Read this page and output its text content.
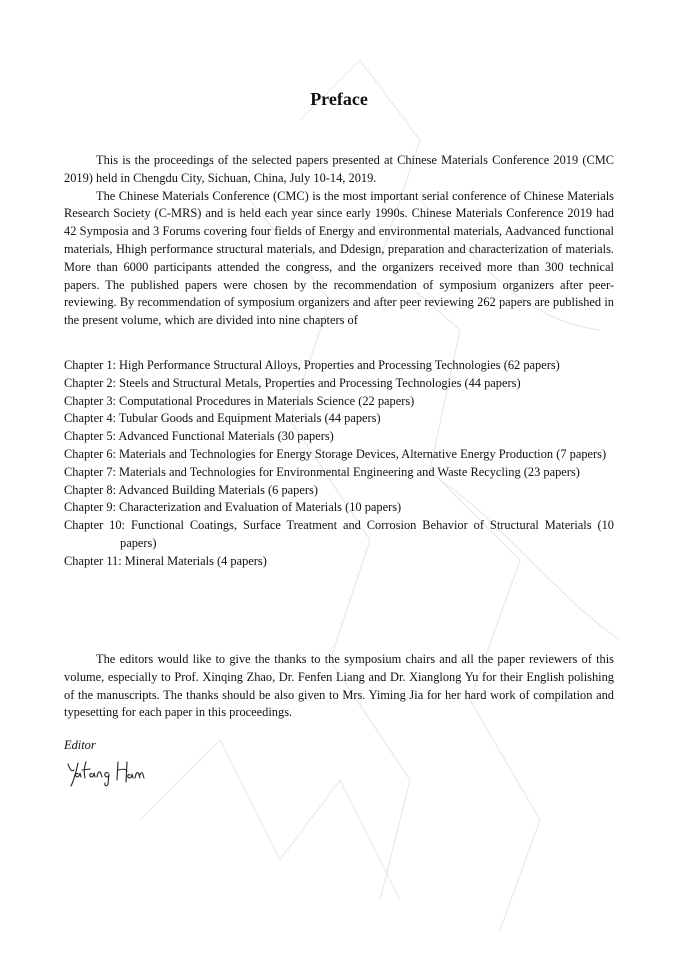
Preface

This is the proceedings of the selected papers presented at Chinese Materials Conference 2019 (CMC 2019) held in Chengdu City, Sichuan, China, July 10-14, 2019.

The Chinese Materials Conference (CMC) is the most important serial conference of Chinese Materials Research Society (C-MRS) and is held each year since early 1990s. Chinese Materials Conference 2019 had 42 Symposia and 3 Forums covering four fields of Energy and environmental materials, Aadvanced functional materials, Hhigh performance structural materials, and Ddesign, preparation and characterization of materials. More than 6000 participants attended the congress, and the organizers received more than 300 technical papers. The published papers were chosen by the recommendation of symposium organizers after peer-reviewing. By recommendation of symposium organizers and after peer reviewing 262 papers are published in the present volume, which are divided into nine chapters of

Chapter 1: High Performance Structural Alloys, Properties and Processing Technologies (62 papers)
Chapter 2: Steels and Structural Metals, Properties and Processing Technologies (44 papers)
Chapter 3: Computational Procedures in Materials Science (22 papers)
Chapter 4: Tubular Goods and Equipment Materials (44 papers)
Chapter 5: Advanced Functional Materials (30 papers)
Chapter 6: Materials and Technologies for Energy Storage Devices, Alternative Energy Production (7 papers)
Chapter 7: Materials and Technologies for Environmental Engineering and Waste Recycling (23 papers)
Chapter 8: Advanced Building Materials (6 papers)
Chapter 9: Characterization and Evaluation of Materials (10 papers)
Chapter 10: Functional Coatings, Surface Treatment and Corrosion Behavior of Structural Materials (10 papers)
Chapter 11: Mineral Materials (4 papers)

The editors would like to give the thanks to the symposium chairs and all the paper reviewers of this volume, especially to Prof. Xinqing Zhao, Dr. Fenfen Liang and Dr. Xianglong Yu for their English polishing of the manuscripts. The thanks should be also given to Mrs. Yiming Jia for her hard work of compilation and typesetting for each paper in this proceedings.

Editor
